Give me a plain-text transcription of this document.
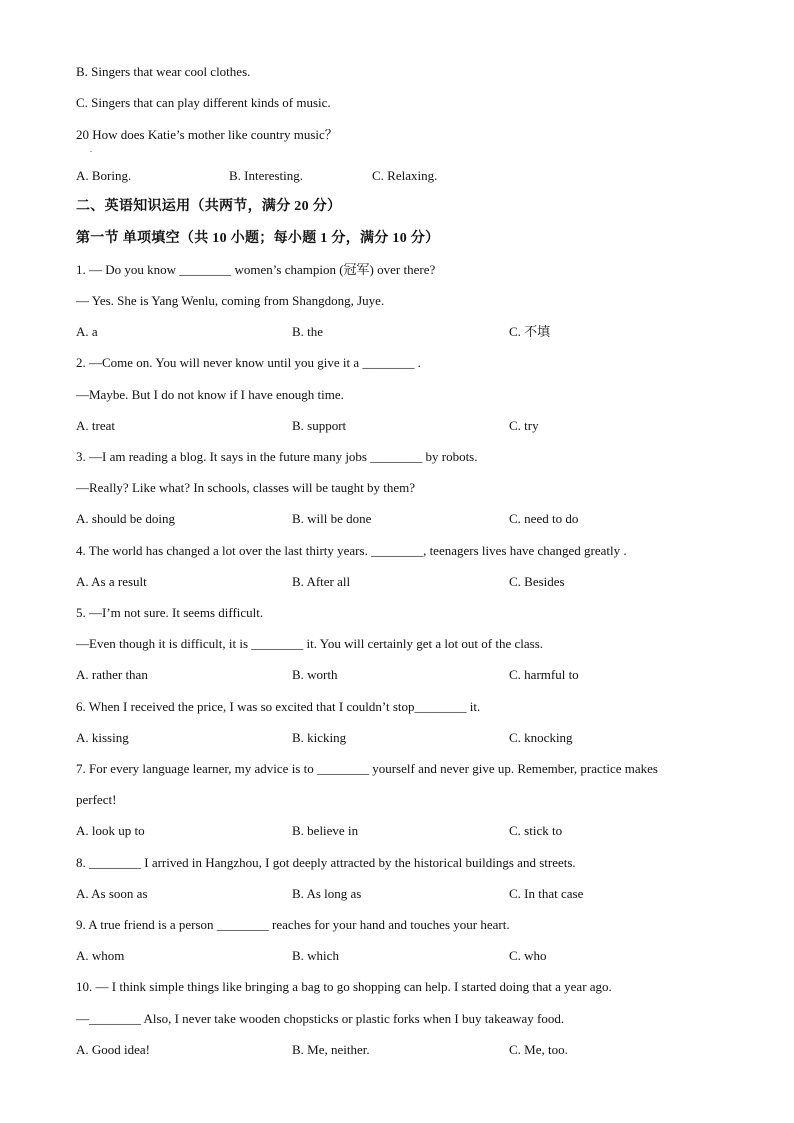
B. Singers that wear cool clothes.
C. Singers that can play different kinds of music.
20 How does Katie’s mother like country music？
.
A. Boring.	B. Interesting.	C. Relaxing.
二、英语知识运用（共两节，满分 20 分）
第一节 单项填空（共 10 小题；每小题 1 分，满分 10 分）
1. — Do you know ________ women’s champion (冠军) over there?
— Yes. She is Yang Wenlu, coming from Shangdong, Juye.
A. a	B. the	C. 不填
2. —Come on. You will never know until you give it a ________ .
—Maybe. But I do not know if I have enough time.
A. treat	B. support	C. try
3. —I am reading a blog. It says in the future many jobs ________ by robots.
—Really? Like what? In schools, classes will be taught by them?
A. should be doing	B. will be done	C. need to do
4. The world has changed a lot over the last thirty years. ________, teenagers lives have changed greatly .
A. As a result	B. After all	C. Besides
5. —I’m not sure. It seems difficult.
—Even though it is difficult, it is ________ it. You will certainly get a lot out of the class.
A. rather than	B. worth	C. harmful to
6. When I received the price, I was so excited that I couldn’t stop________ it.
A. kissing	B. kicking	C. knocking
7. For every language learner, my advice is to ________ yourself and never give up. Remember, practice makes
perfect!
A. look up to	B. believe in	C. stick to
8. ________ I arrived in Hangzhou, I got deeply attracted by the historical buildings and streets.
A. As soon as	B. As long as	C. In that case
9. A true friend is a person ________ reaches for your hand and touches your heart.
A. whom	B. which	C. who
10. — I think simple things like bringing a bag to go shopping can help. I started doing that a year ago.
—________ Also, I never take wooden chopsticks or plastic forks when I buy takeaway food.
A. Good idea!	B. Me, neither.	C. Me, too.
